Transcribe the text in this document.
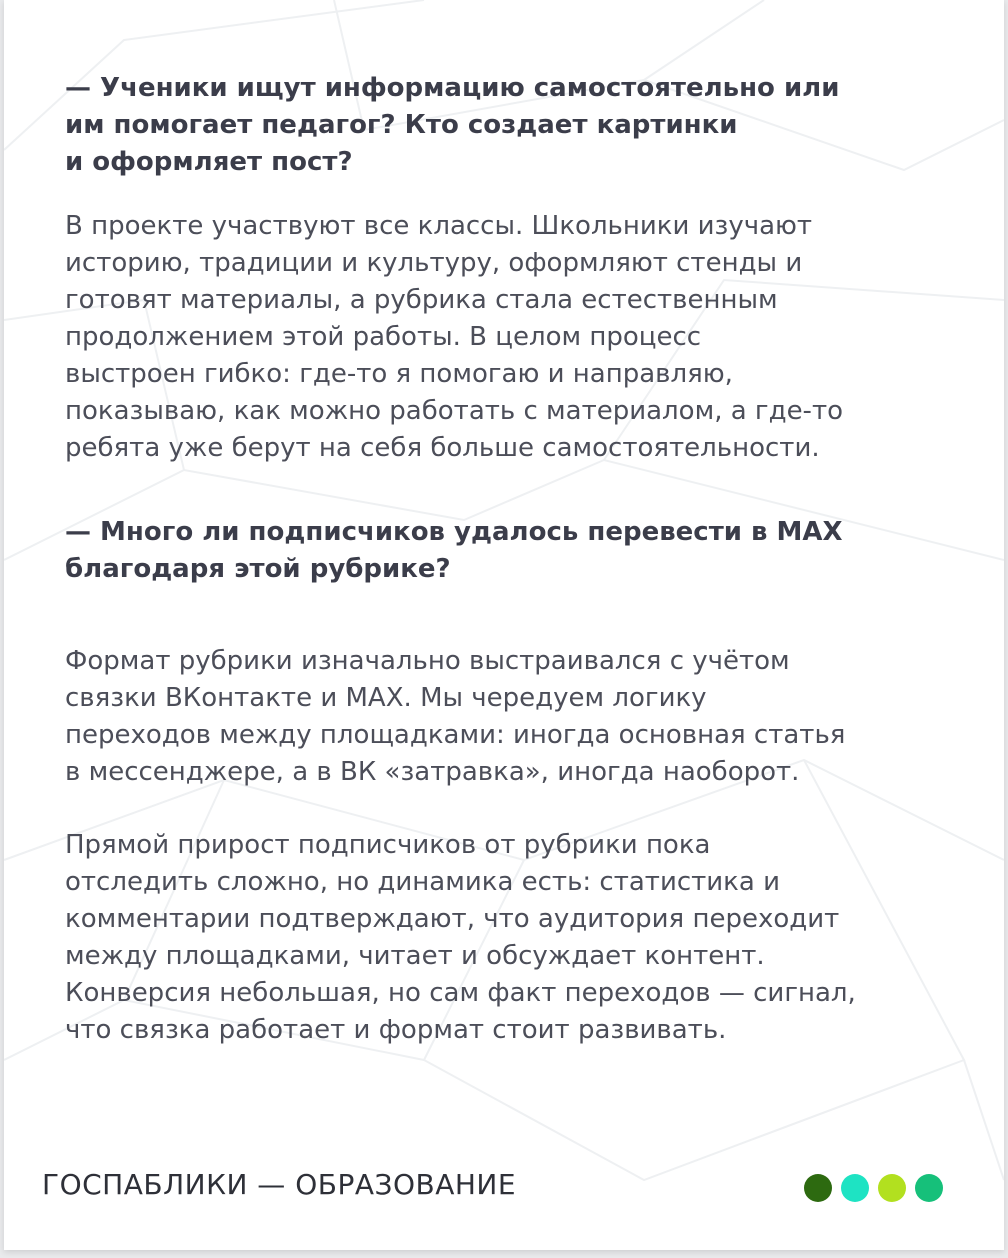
— Ученики ищут информацию самостоятельно или
им помогает педагог? Кто создает картинки
и оформляет пост?

В проекте участвуют все классы. Школьники изучают
историю, традиции и культуру, оформляют стенды и
готовят материалы, а рубрика стала естественным
продолжением этой работы. В целом процесс
выстроен гибко: где-то я помогаю и направляю,
показываю, как можно работать с материалом, а где-то
ребята уже берут на себя больше самостоятельности.

— Много ли подписчиков удалось перевести в MAX
благодаря этой рубрике?

Формат рубрики изначально выстраивался с учётом
связки ВКонтакте и MAX. Мы чередуем логику
переходов между площадками: иногда основная статья
в мессенджере, а в ВК «затравка», иногда наоборот.

Прямой прирост подписчиков от рубрики пока
отследить сложно, но динамика есть: статистика и
комментарии подтверждают, что аудитория переходит
между площадками, читает и обсуждает контент.
Конверсия небольшая, но сам факт переходов — сигнал,
что связка работает и формат стоит развивать.

ГОСПАБЛИКИ — ОБРАЗОВАНИЕ
